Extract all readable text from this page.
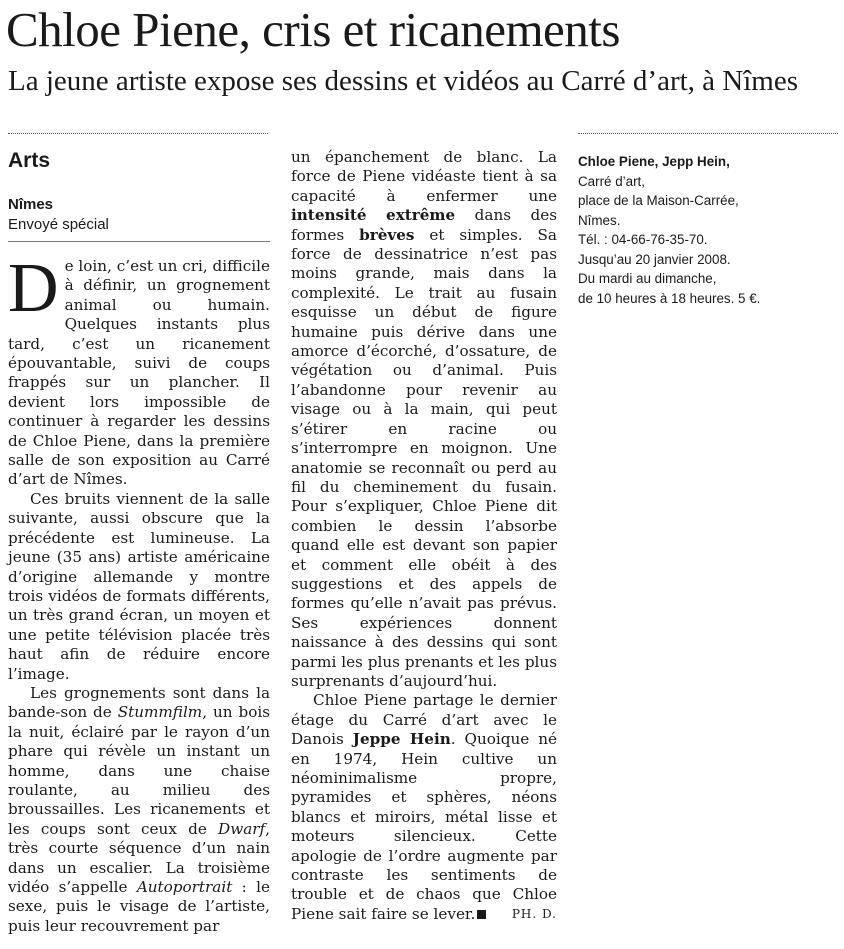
Chloe Piene, cris et ricanements
La jeune artiste expose ses dessins et vidéos au Carré d’art, à Nîmes
Arts
Nîmes
Envoyé spécial

De loin, c’est un cri, difficile à définir, un grognement animal ou humain. Quelques instants plus tard, c’est un ricanement épouvantable, suivi de coups frappés sur un plancher. Il devient lors impossible de continuer à regarder les dessins de Chloe Piene, dans la première salle de son exposition au Carré d’art de Nîmes.

Ces bruits viennent de la salle suivante, aussi obscure que la précédente est lumineuse. La jeune (35 ans) artiste américaine d’origine allemande y montre trois vidéos de formats différents, un très grand écran, un moyen et une petite télévision placée très haut afin de réduire encore l’image.

Les grognements sont dans la bande-son de Stummfilm, un bois la nuit, éclairé par le rayon d’un phare qui révèle un instant un homme, dans une chaise roulante, au milieu des broussailles. Les ricanements et les coups sont ceux de Dwarf, très courte séquence d’un nain dans un escalier. La troisième vidéo s’appelle Autoportrait : le sexe, puis le visage de l’artiste, puis leur recouvrement par

un épanchement de blanc. La force de Piene vidéaste tient à sa capacité à enfermer une intensité extrême dans des formes brèves et simples. Sa force de dessinatrice n’est pas moins grande, mais dans la complexité. Le trait au fusain esquisse un début de figure humaine puis dérive dans une amorce d’écorché, d’ossature, de végétation ou d’animal. Puis l’abandonne pour revenir au visage ou à la main, qui peut s’étirer en racine ou s’interrompre en moignon. Une anatomie se reconnaît ou perd au fil du cheminement du fusain. Pour s’expliquer, Chloe Piene dit combien le dessin l’absorbe quand elle est devant son papier et comment elle obéit à des suggestions et des appels de formes qu’elle n’avait pas prévus. Ses expériences donnent naissance à des dessins qui sont parmi les plus prenants et les plus surprenants d’aujourd’hui.

Chloe Piene partage le dernier étage du Carré d’art avec le Danois Jeppe Hein. Quoique né en 1974, Hein cultive un néominimalisme propre, pyramides et sphères, néons blancs et miroirs, métal lisse et moteurs silencieux. Cette apologie de l’ordre augmente par contraste les sentiments de trouble et de chaos que Chloe Piene sait faire se lever.	PH. D.

Chloe Piene, Jepp Hein,
Carré d’art,
place de la Maison-Carrée,
Nîmes.
Tél. : 04-66-76-35-70.
Jusqu’au 20 janvier 2008.
Du mardi au dimanche,
de 10 heures à 18 heures. 5 €.
